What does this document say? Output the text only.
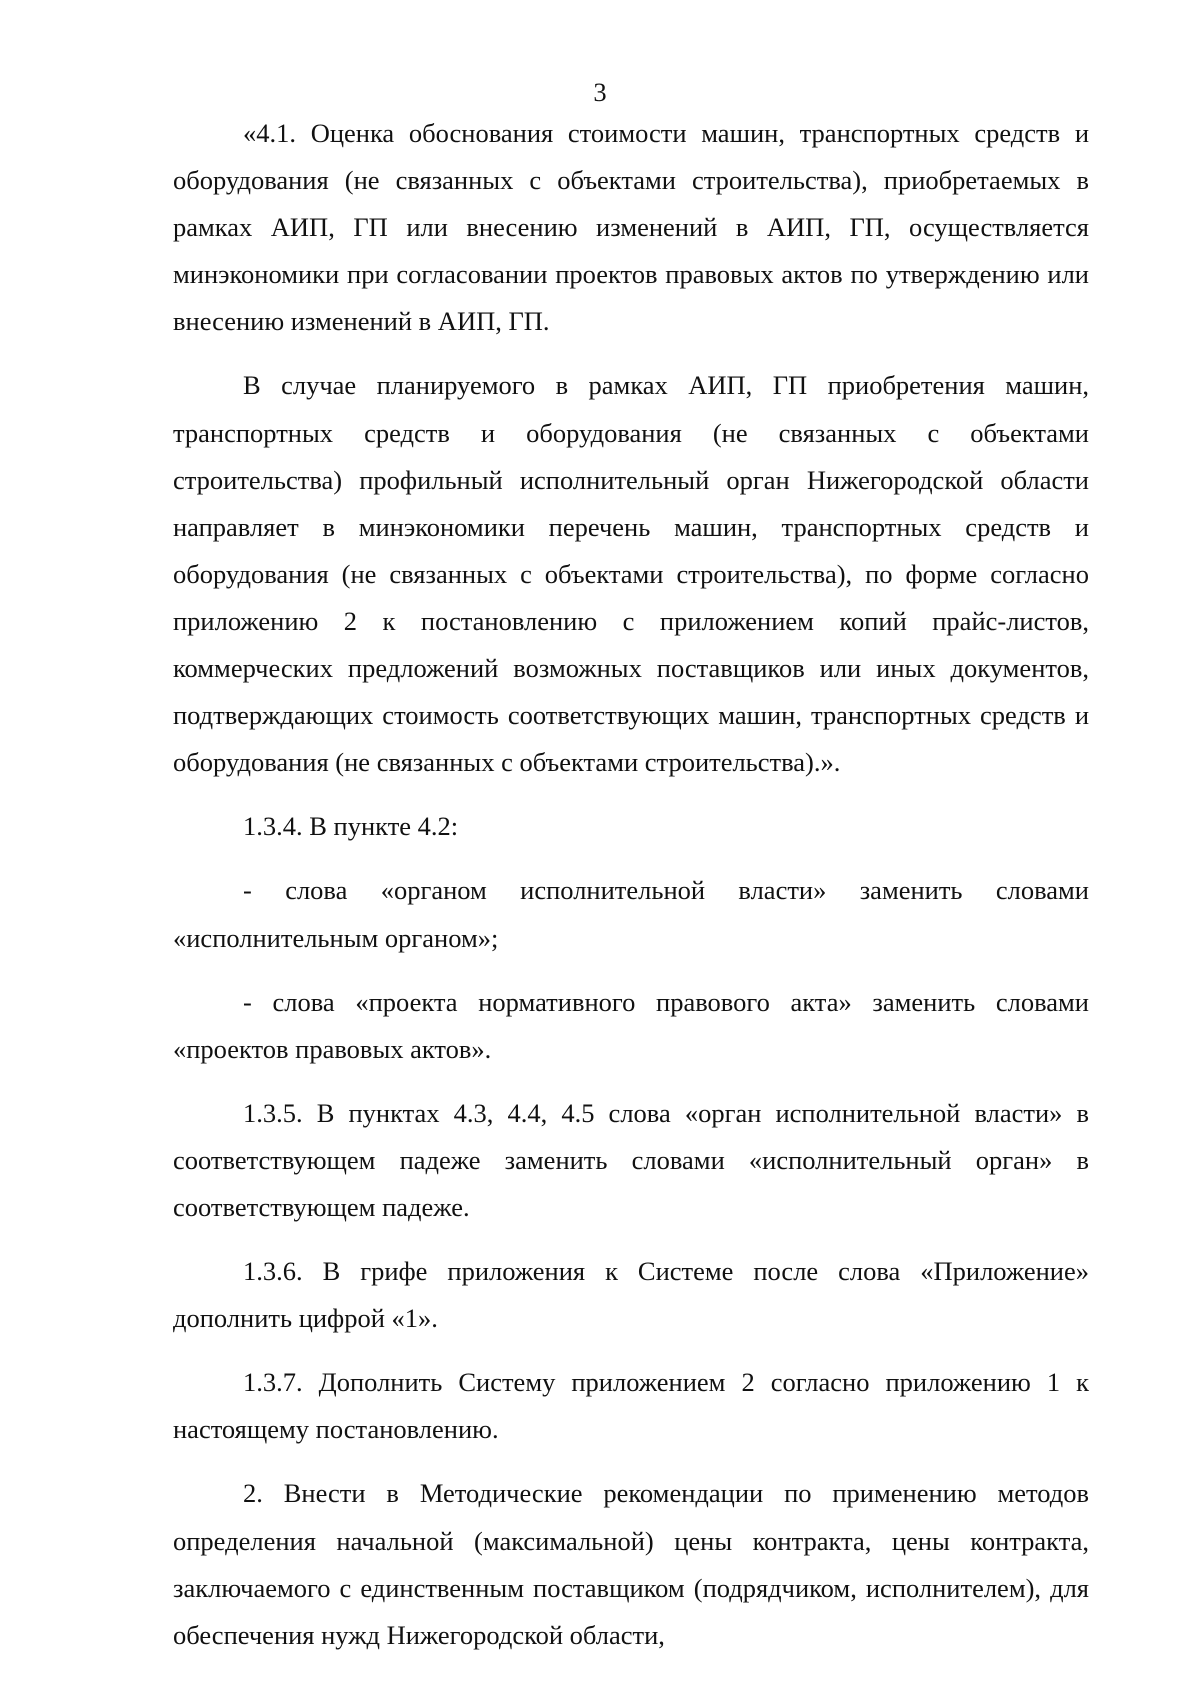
3

«4.1. Оценка обоснования стоимости машин, транспортных средств и оборудования (не связанных с объектами строительства), приобретаемых в рамках АИП, ГП или внесению изменений в АИП, ГП, осуществляется минэкономики при согласовании проектов правовых актов по утверждению или внесению изменений в АИП, ГП.

В случае планируемого в рамках АИП, ГП приобретения машин, транспортных средств и оборудования (не связанных с объектами строительства) профильный исполнительный орган Нижегородской области направляет в минэкономики перечень машин, транспортных средств и оборудования (не связанных с объектами строительства), по форме согласно приложению 2 к постановлению с приложением копий прайс-листов, коммерческих предложений возможных поставщиков или иных документов, подтверждающих стоимость соответствующих машин, транспортных средств и оборудования (не связанных с объектами строительства).».

1.3.4. В пункте 4.2:

- слова «органом исполнительной власти» заменить словами «исполнительным органом»;

- слова «проекта нормативного правового акта» заменить словами «проектов правовых актов».

1.3.5. В пунктах 4.3, 4.4, 4.5 слова «орган исполнительной власти» в соответствующем падеже заменить словами «исполнительный орган» в соответствующем падеже.

1.3.6. В грифе приложения к Системе после слова «Приложение» дополнить цифрой «1».

1.3.7. Дополнить Систему приложением 2 согласно приложению 1 к настоящему постановлению.

2. Внести в Методические рекомендации по применению методов определения начальной (максимальной) цены контракта, цены контракта, заключаемого с единственным поставщиком (подрядчиком, исполнителем), для обеспечения нужд Нижегородской области,
